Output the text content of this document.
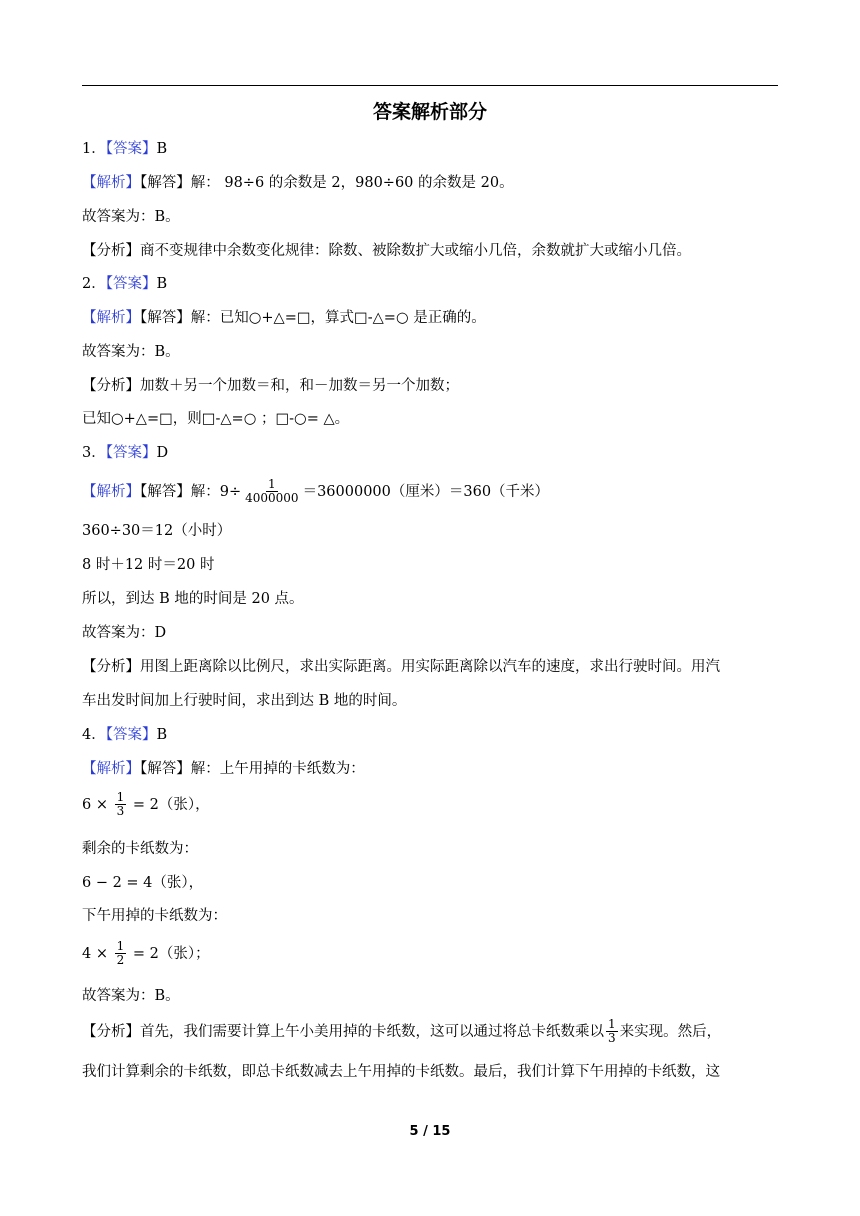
答案解析部分
1．【答案】B
【解析】【解答】解： 98÷6 的余数是 2，980÷60 的余数是 20。
故答案为：B。
【分析】商不变规律中余数变化规律：除数、被除数扩大或缩小几倍，余数就扩大或缩小几倍。
2．【答案】B
【解析】【解答】解：已知○+△=□，算式□-△=○ 是正确的。
故答案为：B。
【分析】加数＋另一个加数＝和，和－加数＝另一个加数；
已知○+△=□，则□-△=○ ；□-○= △。
3．【答案】D
【解析】【解答】解：$9\div \frac{1}{4000000} =36000000$（厘米）＝360（千米）
360÷30＝12（小时）
8 时＋12 时＝20 时
所以，到达 B 地的时间是 20 点。
故答案为：D
【分析】用图上距离除以比例尺，求出实际距离。用实际距离除以汽车的速度，求出行驶时间。用汽
车出发时间加上行驶时间，求出到达 B 地的时间。
4．【答案】B
【解析】【解答】解：上午用掉的卡纸数为：
$6 \times \frac{1}{3} = 2$（张），
剩余的卡纸数为：
6 − 2 = 4（张），
下午用掉的卡纸数为：
$4 \times \frac{1}{2} = 2$（张）；
故答案为：B。
【分析】首先，我们需要计算上午小美用掉的卡纸数，这可以通过将总卡纸数乘以 $\frac{1}{3}$ 来实现。然后，
我们计算剩余的卡纸数，即总卡纸数减去上午用掉的卡纸数。最后，我们计算下午用掉的卡纸数，这
5 / 15
